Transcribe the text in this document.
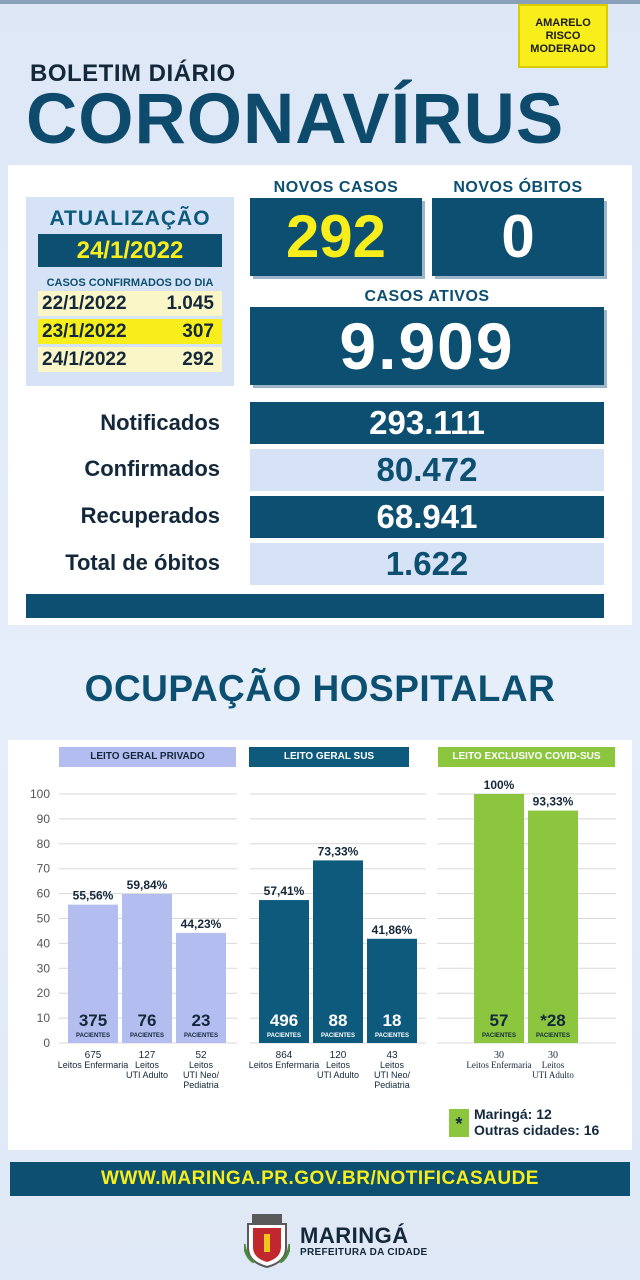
AMARELO
RISCO
MODERADO
BOLETIM DIÁRIO
CORONAVÍRUS
ATUALIZAÇÃO
24/1/2022
CASOS CONFIRMADOS DO DIA
22/1/2022 1.045
23/1/2022	307
24/1/2022	292
NOVOS CASOS	NOVOS ÓBITOS
292	0
CASOS ATIVOS
9.909
Notificados	293.111
Confirmados	80.472
Recuperados	68.941
Total de óbitos	1.622
OCUPAÇÃO HOSPITALAR
LEITO GERAL PRIVADO	LEITO GERAL SUS	LEITO EXCLUSIVO COVID-SUS
100
90
80
70
60
50
40
30
20
10
0
55,56%
375
PACIENTES
675
Leitos Enfermaria
59,84%
76
PACIENTES
127
Leitos UTI Adulto
44,23%
23
PACIENTES
52
Leitos UTI Neo/ Pediatria
57,41%
496
PACIENTES
864
Leitos Enfermaria
73,33%
88
PACIENTES
120
Leitos UTI Adulto
41,86%
18
PACIENTES
43
Leitos UTI Neo/ Pediatria
100%
57
PACIENTES
30
Leitos Enfermaria
93,33%
*28
PACIENTES
30
Leitos UTI Adulto
* Maringá: 12
Outras cidades: 16
WWW.MARINGA.PR.GOV.BR/NOTIFICASAUDE
MARINGÁ
PREFEITURA DA CIDADE
